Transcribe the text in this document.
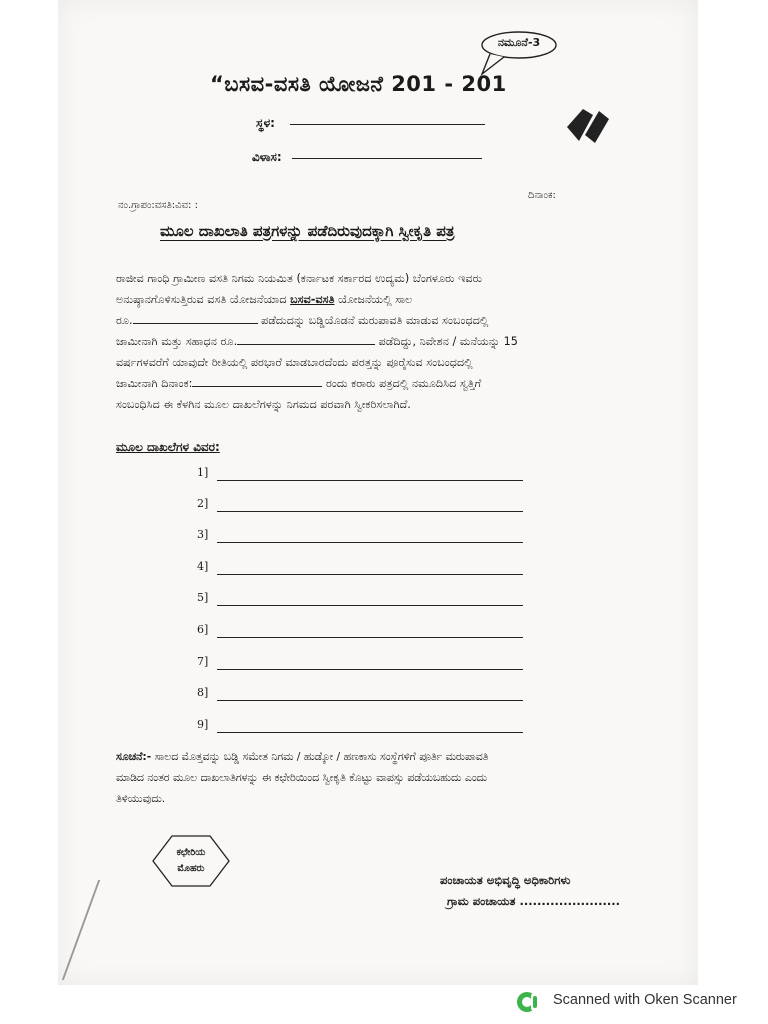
ನಮೂನೆ-3
“ಬಸವ-ವಸತಿ ಯೋಜನೆ 201 - 201
ಸ್ಥಳ:
ವಿಳಾಸ:
ನಂ.ಗ್ರಾಪಂ:ವಸತಿ:ವಿವ: :
ದಿನಾಂಕ:
ಮೂಲ ದಾಖಲಾತಿ ಪತ್ರಗಳನ್ನು ಪಡೆದಿರುವುದಕ್ಕಾಗಿ ಸ್ವೀಕೃತಿ ಪತ್ರ
ರಾಜೀವ ಗಾಂಧಿ ಗ್ರಾಮೀಣ ವಸತಿ ನಿಗಮ ನಿಯಮಿತ (ಕರ್ನಾಟಕ ಸರ್ಕಾರದ ಉದ್ಯಮ) ಬೆಂಗಳೂರು ಇವರು
ಅನುಷ್ಠಾನಗೊಳಿಸುತ್ತಿರುವ ವಸತಿ ಯೋಜನೆಯಾದ ಬಸವ-ವಸತಿ ಯೋಜನೆಯಲ್ಲಿ ಸಾಲ
ರೂ.	ಪಡೆದುದನ್ನು ಬಡ್ಡಿಯೊಡನೆ ಮರುಪಾವತಿ ಮಾಡುವ ಸಂಬಂಧದಲ್ಲಿ
ಜಾಮೀನಾಗಿ ಮತ್ತು ಸಹಾಧನ ರೂ.	ಪಡೆದಿದ್ದು, ನಿವೇಶನ / ಮನೆಯನ್ನು 15
ವರ್ಷಗಳವರೆಗೆ ಯಾವುದೇ ರೀತಿಯಲ್ಲಿ ಪರಭಾರೆ ಮಾಡಬಾರದೆಂದು ಪರತ್ತನ್ನು ಪೂರೈಸುವ ಸಂಬಂಧದಲ್ಲಿ
ಜಾಮೀನಾಗಿ ದಿನಾಂಕ:	ರಂದು ಕರಾರು ಪತ್ರದಲ್ಲಿ ನಮೂದಿಸಿದ ಸ್ವತ್ತಿಗೆ
ಸಂಬಂಧಿಸಿದ ಈ ಕೆಳಗಿನ ಮೂಲ ದಾಖಲೆಗಳನ್ನು ನಿಗಮದ ಪರವಾಗಿ ಸ್ವೀಕರಿಸಲಾಗಿದೆ.
ಮೂಲ ದಾಖಲೆಗಳ ವಿವರ:
1]
2]
3]
4]
5]
6]
7]
8]
9]
ಸೂಚನೆ:- ಸಾಲದ ಮೊತ್ತವನ್ನು ಬಡ್ಡಿ ಸಮೇತ ನಿಗಮ / ಹುಡ್ಕೋ / ಹಣಕಾಸು ಸಂಸ್ಥೆಗಳಿಗೆ ಪೂರ್ತಿ ಮರುಪಾವತಿ
ಮಾಡಿದ ನಂತರ ಮೂಲ ದಾಖಲಾತಿಗಳನ್ನು ಈ ಕಛೇರಿಯಿಂದ ಸ್ವೀಕೃತಿ ಕೊಟ್ಟು ವಾಪಸ್ಸು ಪಡೆಯಬಹುದು ಎಂದು
ತಿಳಿಯುವುದು.
ಕಛೇರಿಯ
ಮೊಹರು
ಪಂಚಾಯತ ಅಭಿವೃದ್ಧಿ ಅಧಿಕಾರಿಗಳು
ಗ್ರಾಮ ಪಂಚಾಯತ .......................
Scanned with Oken Scanner
